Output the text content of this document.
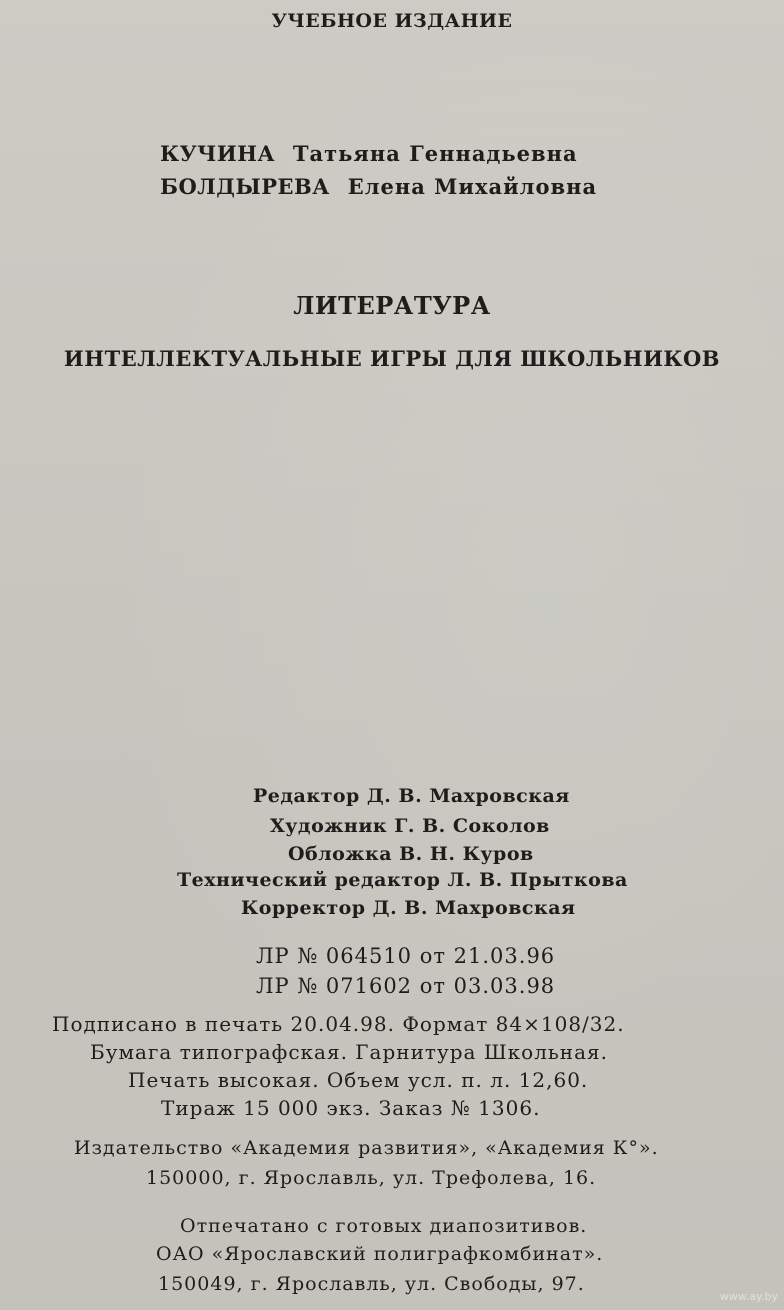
УЧЕБНОЕ ИЗДАНИЕ
КУЧИНА Татьяна Геннадьевна
БОЛДЫРЕВА Елена Михайловна
ЛИТЕРАТУРА
ИНТЕЛЛЕКТУАЛЬНЫЕ ИГРЫ ДЛЯ ШКОЛЬНИКОВ
Редактор Д. В. Махровская
Художник Г. В. Соколов
Обложка В. Н. Куров
Технический редактор Л. В. Прыткова
Корректор Д. В. Махровская
ЛР № 064510 от 21.03.96
ЛР № 071602 от 03.03.98
Подписано в печать 20.04.98. Формат 84×108/32.
Бумага типографская. Гарнитура Школьная.
Печать высокая. Объем усл. п. л. 12,60.
Тираж 15 000 экз. Заказ № 1306.
Издательство «Академия развития», «Академия К°».
150000, г. Ярославль, ул. Трефолева, 16.
Отпечатано с готовых диапозитивов.
ОАО «Ярославский полиграфкомбинат».
150049, г. Ярославль, ул. Свободы, 97.
www.ay.by
